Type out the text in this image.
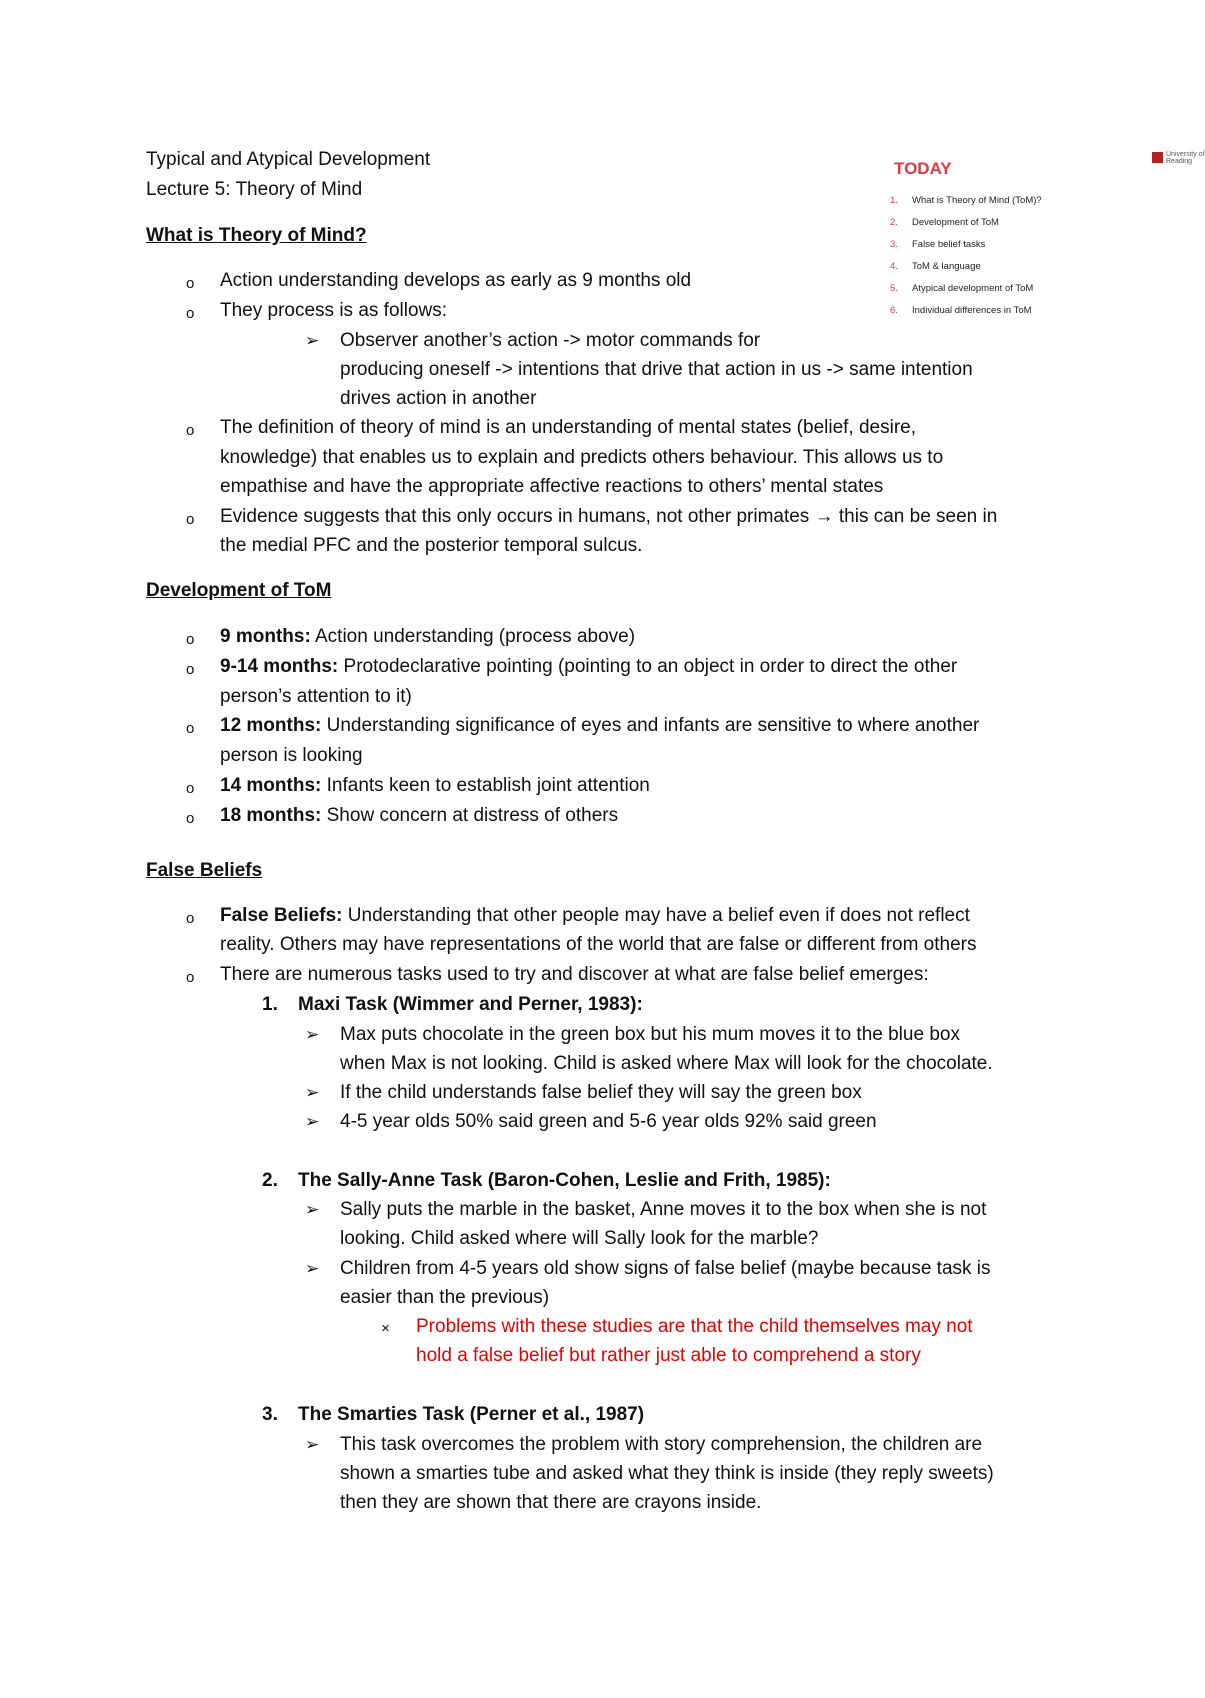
Typical and Atypical Development
Lecture 5: Theory of Mind
TODAY
1. What is Theory of Mind (ToM)?
2. Development of ToM
3. False belief tasks
4. ToM & language
5. Atypical development of ToM
6. Individual differences in ToM
University of
Reading
What is Theory of Mind?
o Action understanding develops as early as 9 months old
o They process is as follows:
➢ Observer another’s action -> motor commands for
producing oneself -> intentions that drive that action in us -> same intention
drives action in another
o The definition of theory of mind is an understanding of mental states (belief, desire,
knowledge) that enables us to explain and predicts others behaviour. This allows us to
empathise and have the appropriate affective reactions to others’ mental states
o Evidence suggests that this only occurs in humans, not other primates → this can be seen in
the medial PFC and the posterior temporal sulcus.
Development of ToM
o 9 months: Action understanding (process above)
o 9-14 months: Protodeclarative pointing (pointing to an object in order to direct the other
person’s attention to it)
o 12 months: Understanding significance of eyes and infants are sensitive to where another
person is looking
o 14 months: Infants keen to establish joint attention
o 18 months: Show concern at distress of others
False Beliefs
o False Beliefs: Understanding that other people may have a belief even if does not reflect
reality. Others may have representations of the world that are false or different from others
o There are numerous tasks used to try and discover at what are false belief emerges:
1. Maxi Task (Wimmer and Perner, 1983):
➢ Max puts chocolate in the green box but his mum moves it to the blue box
when Max is not looking. Child is asked where Max will look for the chocolate.
➢ If the child understands false belief they will say the green box
➢ 4-5 year olds 50% said green and 5-6 year olds 92% said green
2. The Sally-Anne Task (Baron-Cohen, Leslie and Frith, 1985):
➢ Sally puts the marble in the basket, Anne moves it to the box when she is not
looking. Child asked where will Sally look for the marble?
➢ Children from 4-5 years old show signs of false belief (maybe because task is
easier than the previous)
× Problems with these studies are that the child themselves may not
hold a false belief but rather just able to comprehend a story
3. The Smarties Task (Perner et al., 1987)
➢ This task overcomes the problem with story comprehension, the children are
shown a smarties tube and asked what they think is inside (they reply sweets)
then they are shown that there are crayons inside.
